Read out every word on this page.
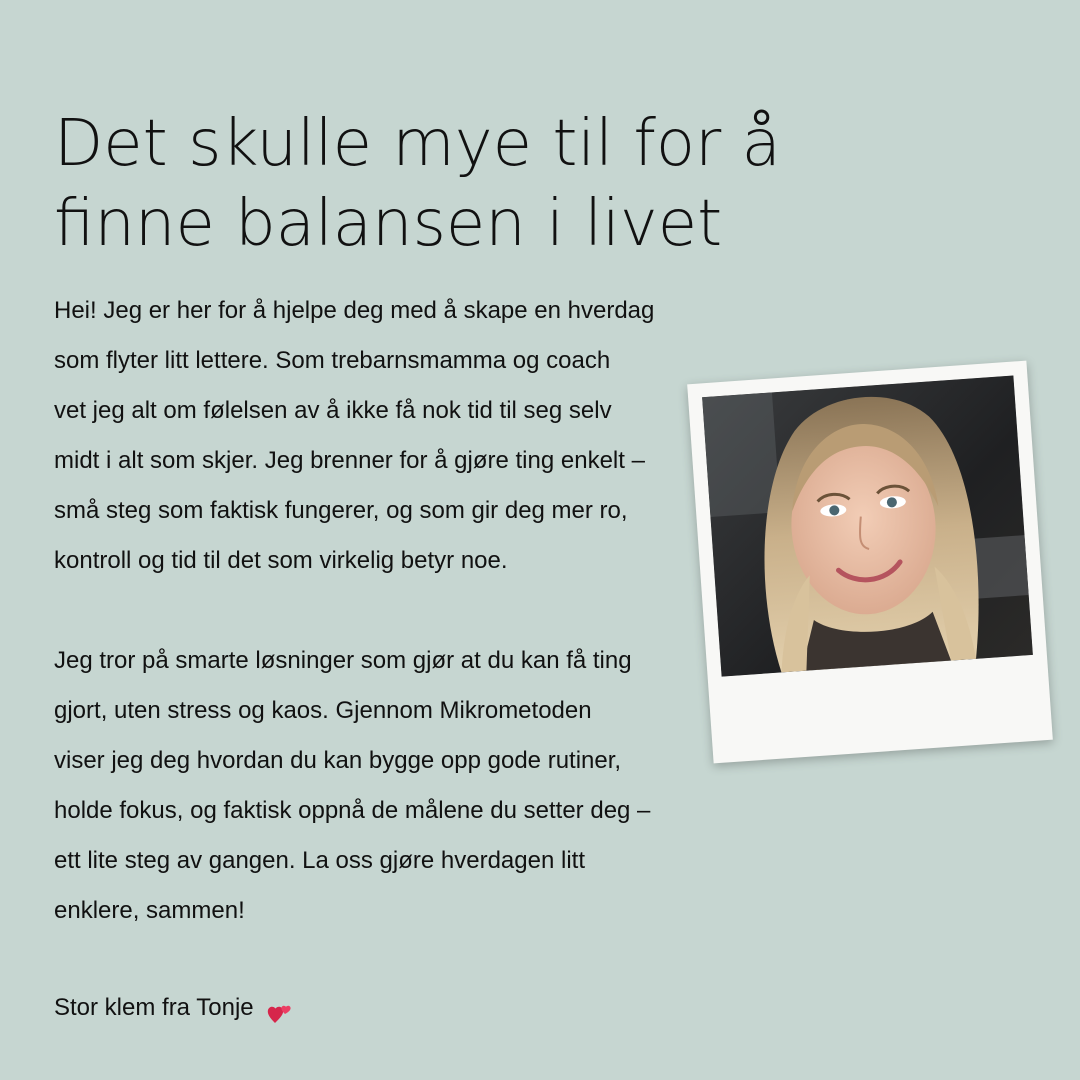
Det skulle mye til for å
finne balansen i livet
Hei! Jeg er her for å hjelpe deg med å skape en hverdag
som flyter litt lettere. Som trebarnsmamma og coach
vet jeg alt om følelsen av å ikke få nok tid til seg selv
midt i alt som skjer. Jeg brenner for å gjøre ting enkelt –
små steg som faktisk fungerer, og som gir deg mer ro,
kontroll og tid til det som virkelig betyr noe.
Jeg tror på smarte løsninger som gjør at du kan få ting
gjort, uten stress og kaos. Gjennom Mikrometoden
viser jeg deg hvordan du kan bygge opp gode rutiner,
holde fokus, og faktisk oppnå de målene du setter deg –
ett lite steg av gangen. La oss gjøre hverdagen litt
enklere, sammen!
Stor klem fra Tonje
